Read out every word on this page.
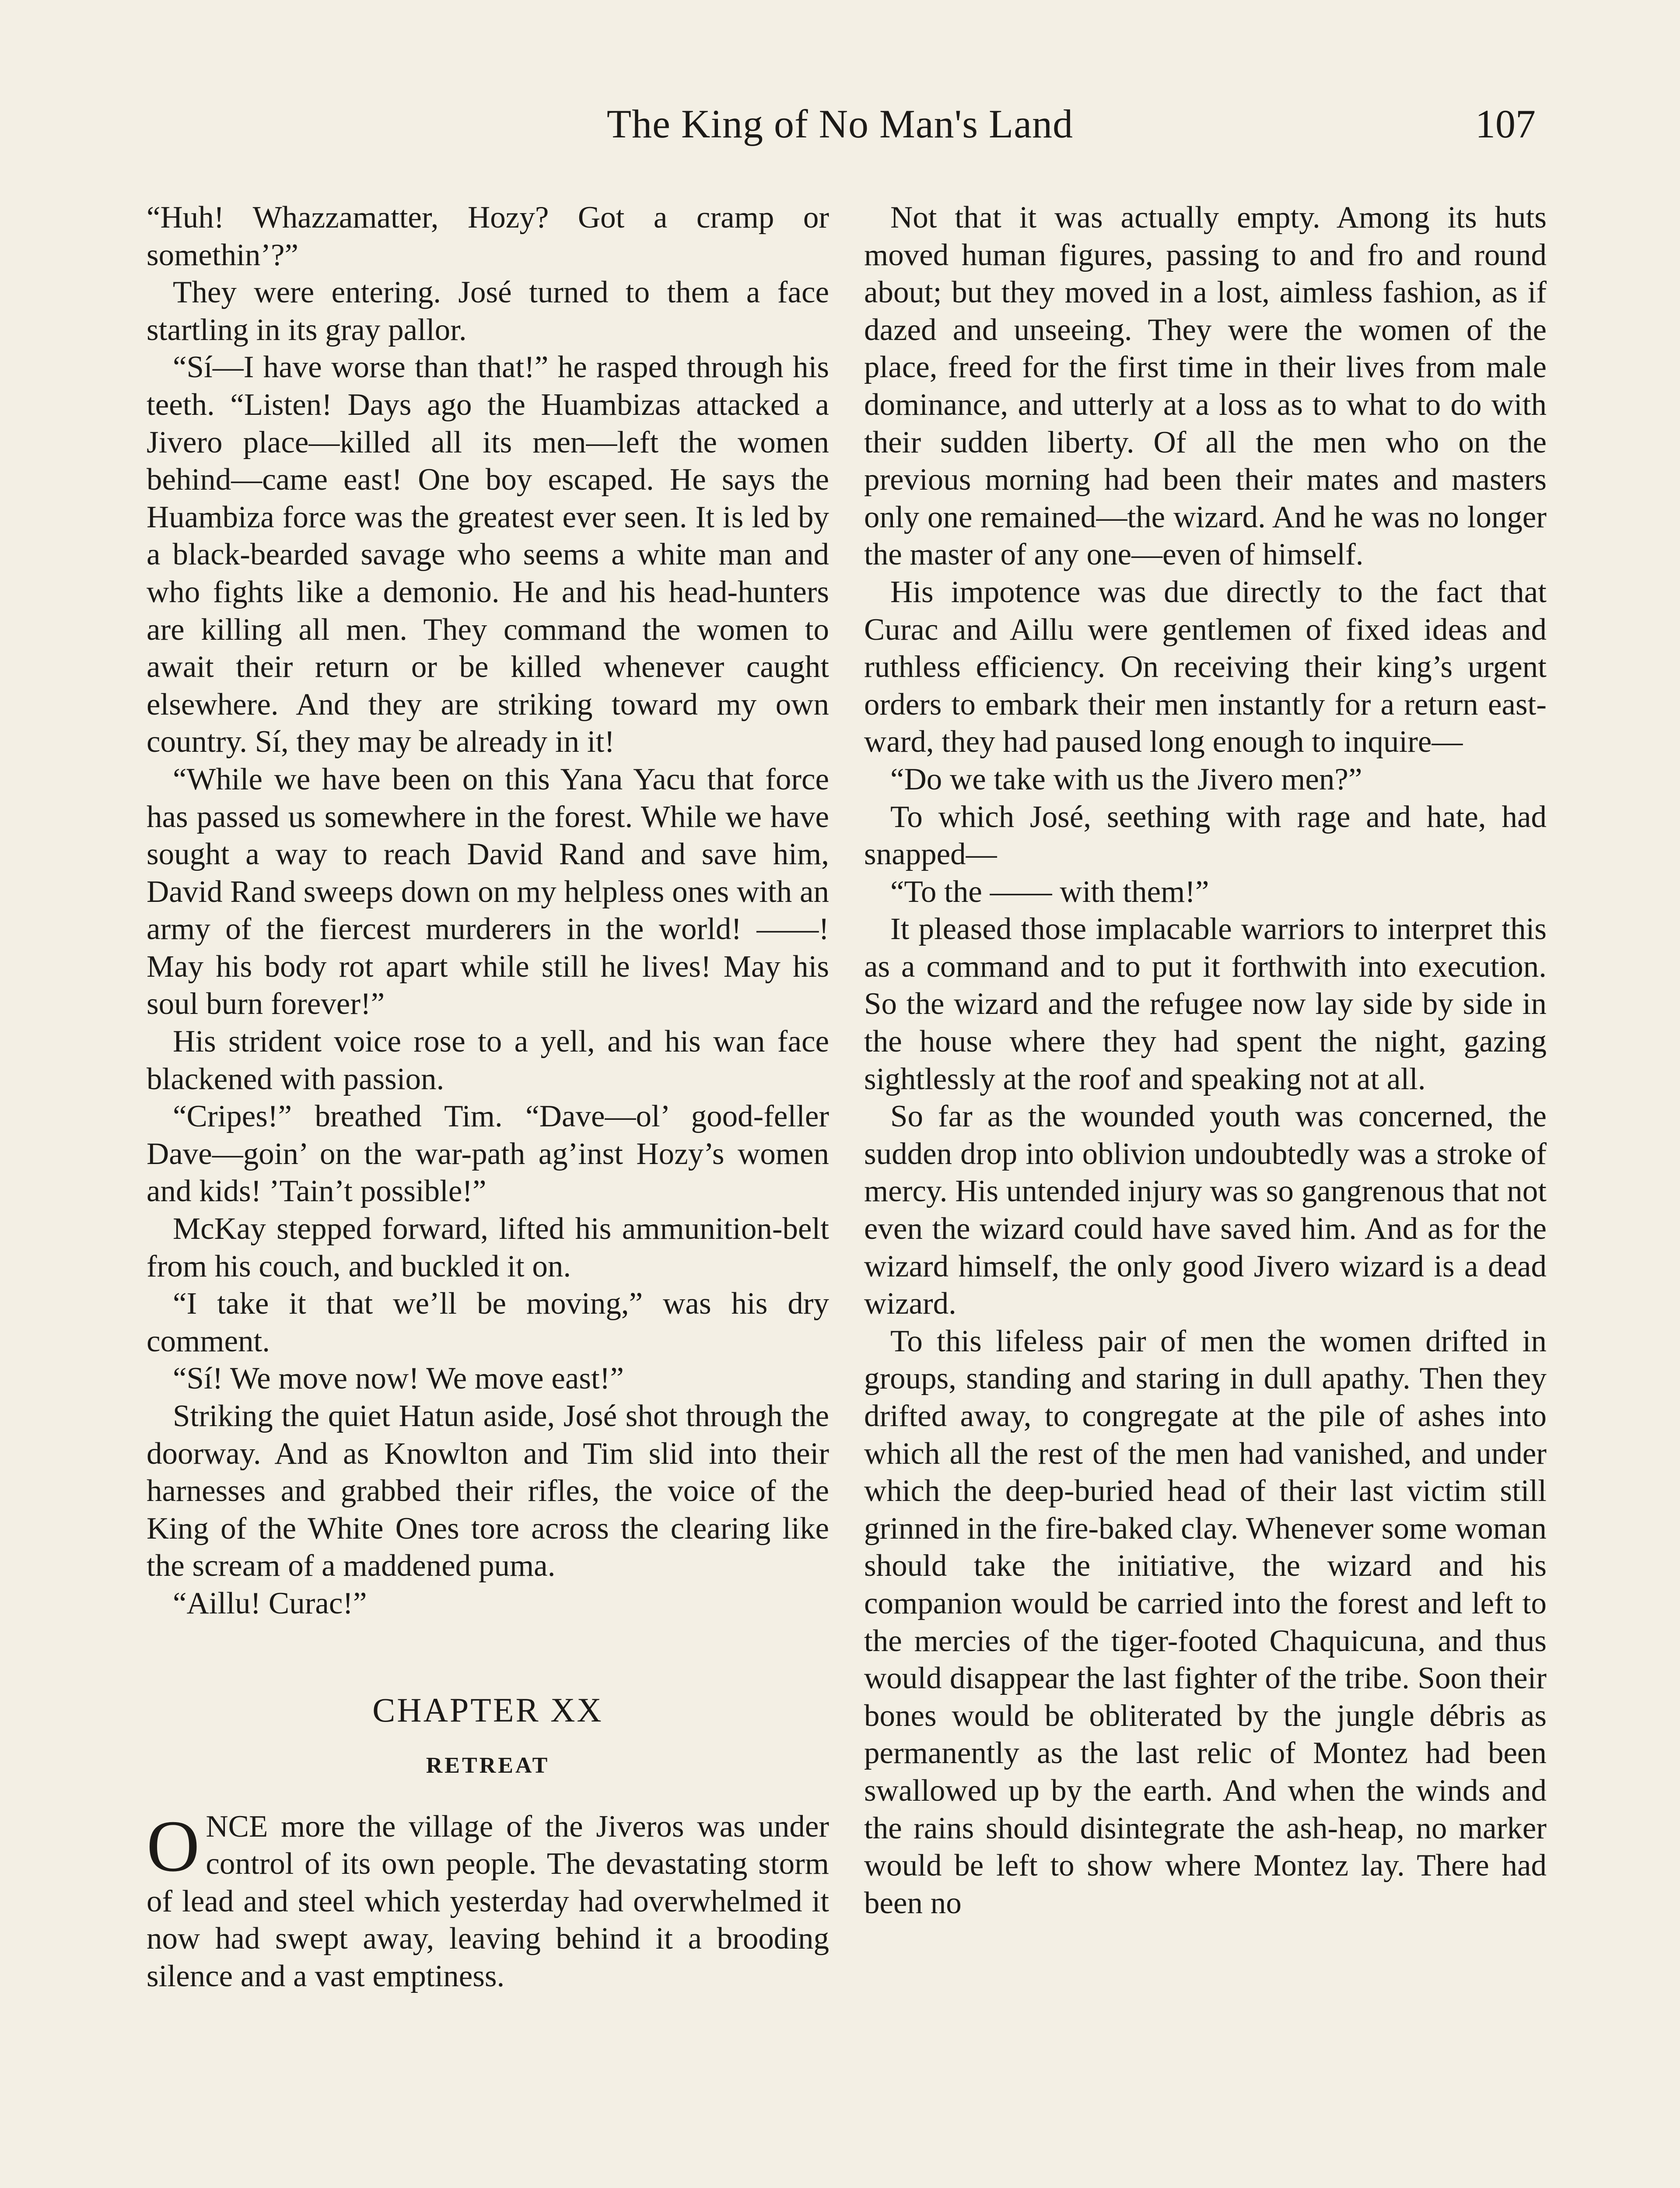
The King of No Man's Land	107

“Huh! Whazzamatter, Hozy? Got a cramp or somethin’?”

They were entering. José turned to them a face startling in its gray pallor.

“Sí—I have worse than that!” he rasped through his teeth. “Listen! Days ago the Huambizas attacked a Jivero place—killed all its men—left the women behind—came east! One boy escaped. He says the Huambiza force was the greatest ever seen. It is led by a black-bearded savage who seems a white man and who fights like a demonio. He and his head-hunters are killing all men. They command the women to await their return or be killed whenever caught elsewhere. And they are striking toward my own country. Sí, they may be already in it!

“While we have been on this Yana Yacu that force has passed us somewhere in the forest. While we have sought a way to reach David Rand and save him, David Rand sweeps down on my helpless ones with an army of the fiercest murderers in the world! ——! May his body rot apart while still he lives! May his soul burn forever!”

His strident voice rose to a yell, and his wan face blackened with passion.

“Cripes!” breathed Tim. “Dave—ol’ good-feller Dave—goin’ on the war-path ag’inst Hozy’s women and kids! ’Tain’t possible!”

McKay stepped forward, lifted his ammunition-belt from his couch, and buckled it on.

“I take it that we’ll be moving,” was his dry comment.

“Sí! We move now! We move east!”

Striking the quiet Hatun aside, José shot through the doorway. And as Knowlton and Tim slid into their harnesses and grabbed their rifles, the voice of the King of the White Ones tore across the clearing like the scream of a maddened puma.

“Aillu! Curac!”

CHAPTER XX
RETREAT

ONCE more the village of the Jiveros was under control of its own people. The devastating storm of lead and steel which yesterday had overwhelmed it now had swept away, leaving behind it a brooding silence and a vast emptiness.

Not that it was actually empty. Among its huts moved human figures, passing to and fro and round about; but they moved in a lost, aimless fashion, as if dazed and unseeing. They were the women of the place, freed for the first time in their lives from male dominance, and utterly at a loss as to what to do with their sudden liberty. Of all the men who on the previous morning had been their mates and masters only one remained—the wizard. And he was no longer the master of any one—even of himself.

His impotence was due directly to the fact that Curac and Aillu were gentlemen of fixed ideas and ruthless efficiency. On receiving their king’s urgent orders to embark their men instantly for a return eastward, they had paused long enough to inquire—

“Do we take with us the Jivero men?”

To which José, seething with rage and hate, had snapped—

“To the —— with them!”

It pleased those implacable warriors to interpret this as a command and to put it forthwith into execution. So the wizard and the refugee now lay side by side in the house where they had spent the night, gazing sightlessly at the roof and speaking not at all.

So far as the wounded youth was concerned, the sudden drop into oblivion undoubtedly was a stroke of mercy. His untended injury was so gangrenous that not even the wizard could have saved him. And as for the wizard himself, the only good Jivero wizard is a dead wizard.

To this lifeless pair of men the women drifted in groups, standing and staring in dull apathy. Then they drifted away, to congregate at the pile of ashes into which all the rest of the men had vanished, and under which the deep-buried head of their last victim still grinned in the fire-baked clay. Whenever some woman should take the initiative, the wizard and his companion would be carried into the forest and left to the mercies of the tiger-footed Chaquicuna, and thus would disappear the last fighter of the tribe. Soon their bones would be obliterated by the jungle débris as permanently as the last relic of Montez had been swallowed up by the earth. And when the winds and the rains should disintegrate the ash-heap, no marker would be left to show where Montez lay. There had been no
